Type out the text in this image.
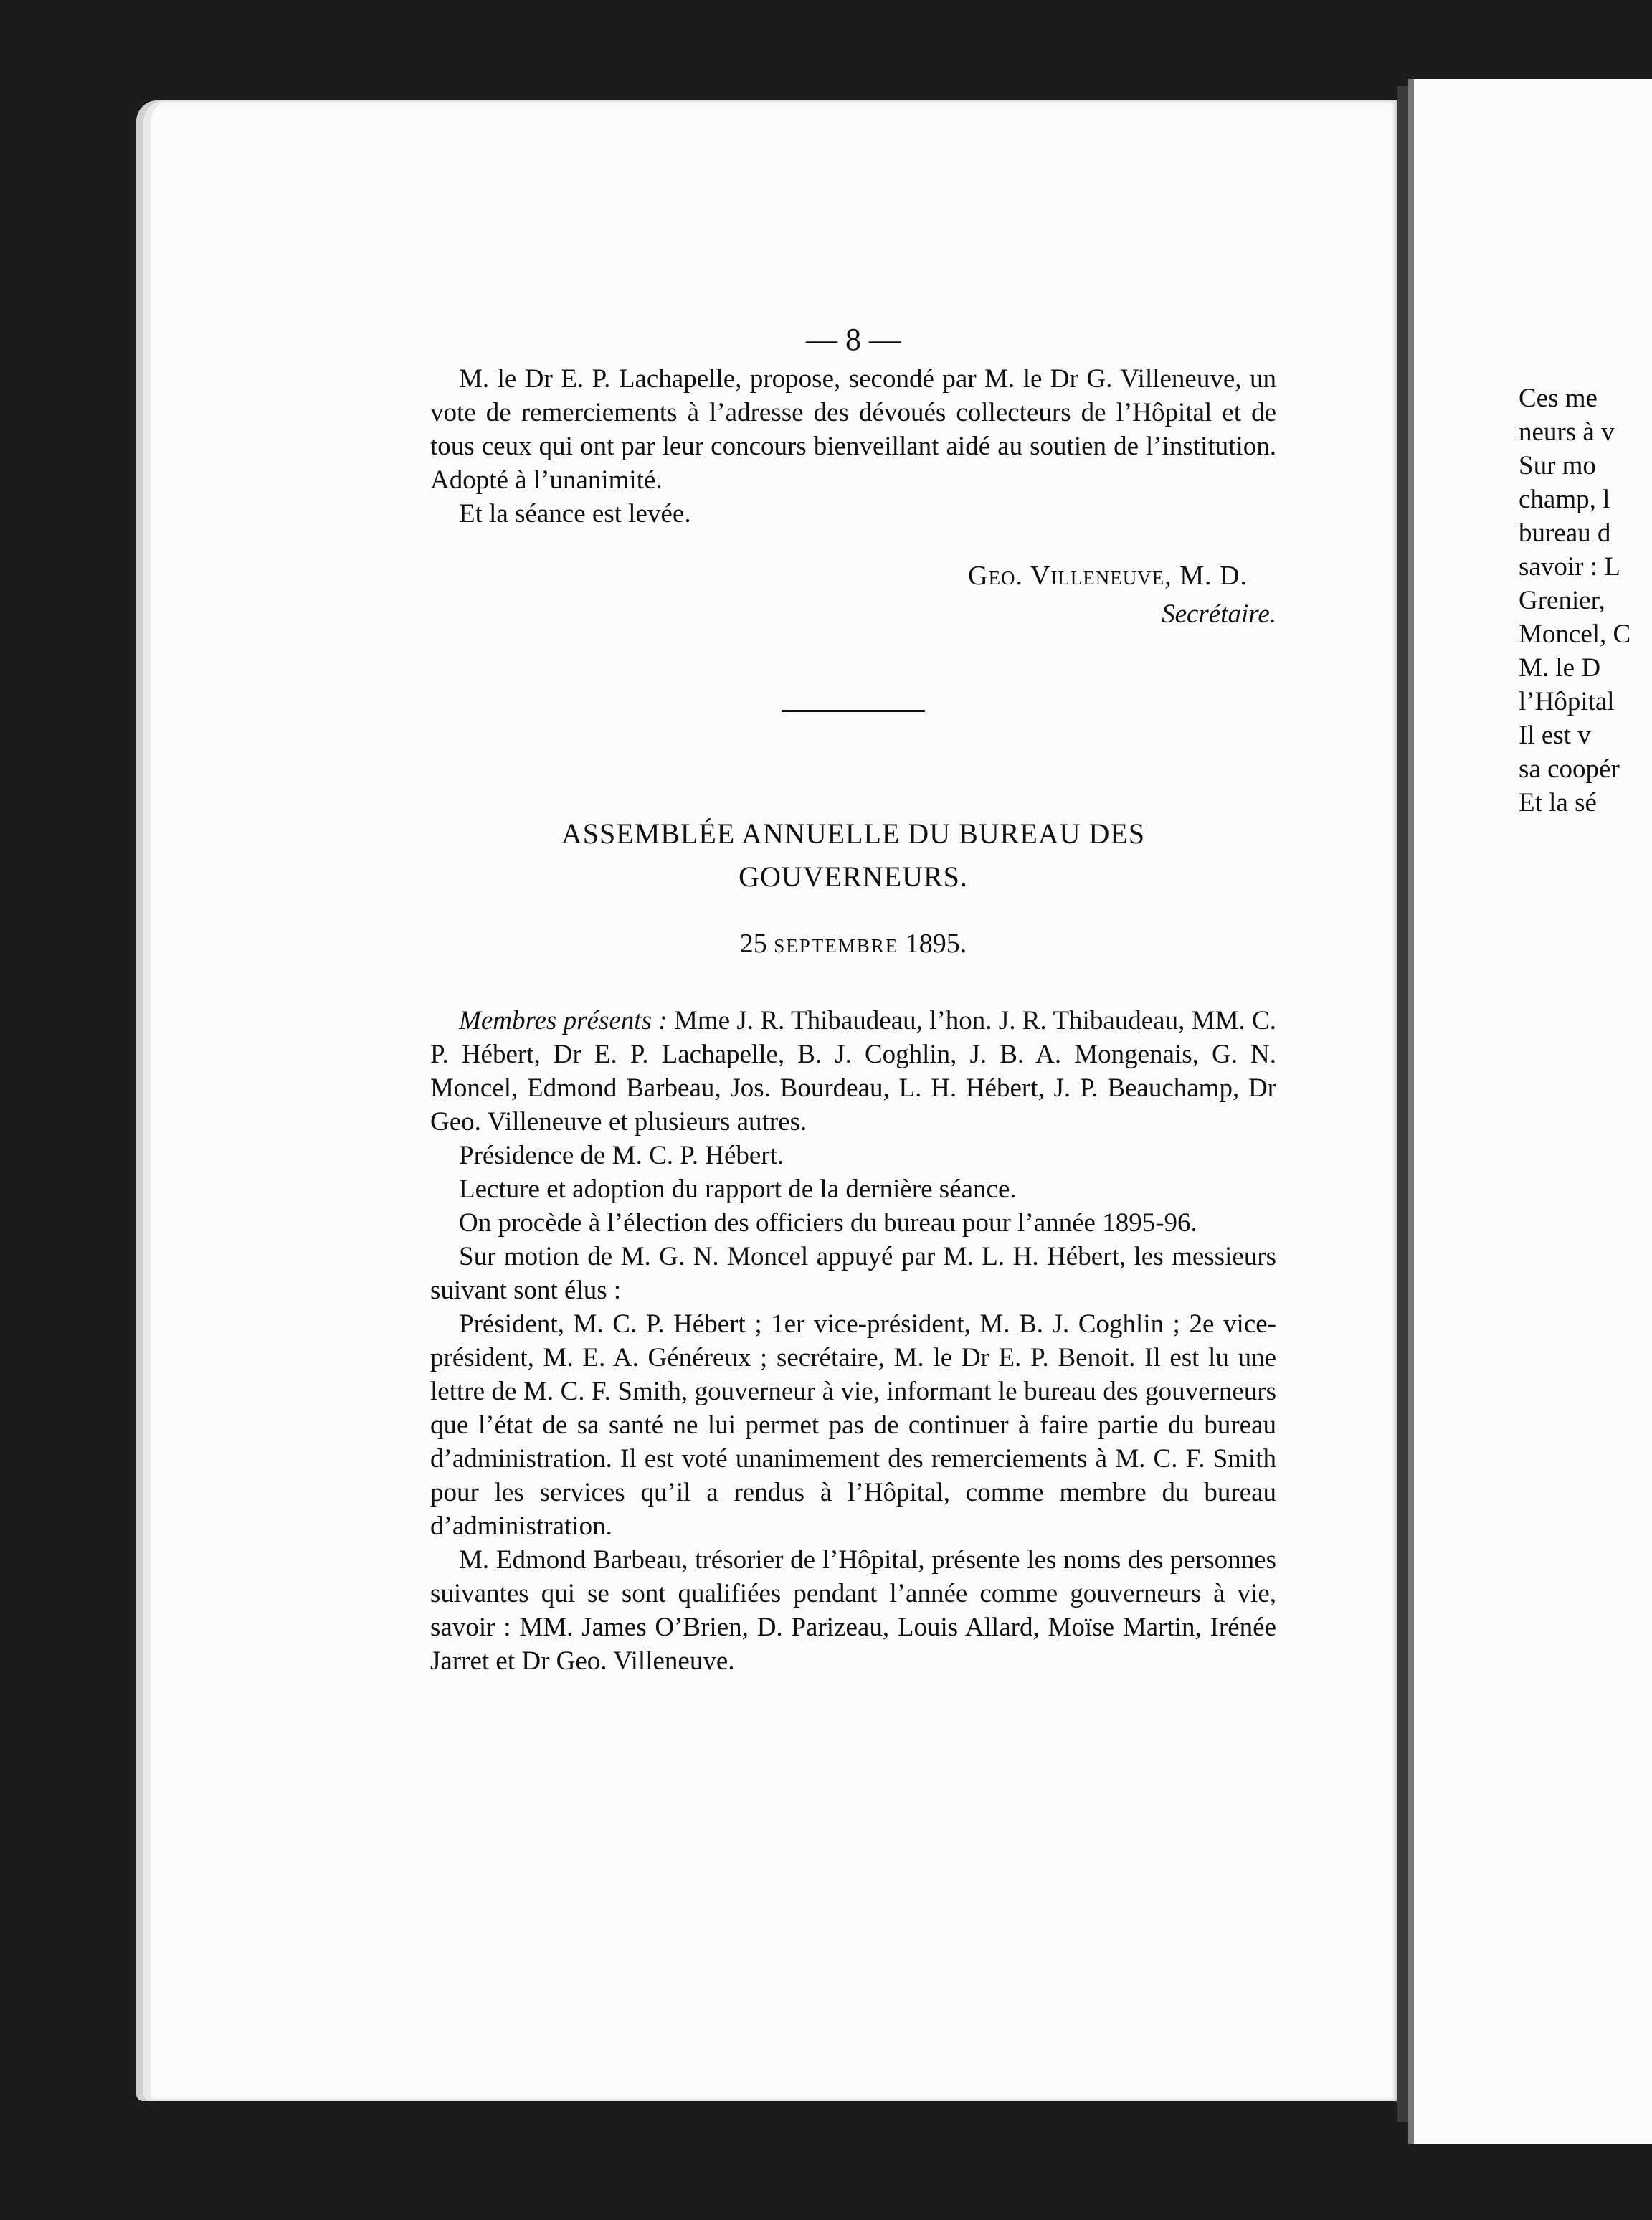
— 8 —

M. le Dr E. P. Lachapelle, propose, secondé par M. le Dr G. Villeneuve, un vote de remerciements à l’adresse des dévoués collecteurs de l’Hôpital et de tous ceux qui ont par leur concours bienveillant aidé au soutien de l’institution. Adopté à l’unanimité.

Et la séance est levée.

Geo. Villeneuve, M. D.
Secrétaire.

ASSEMBLÉE ANNUELLE DU BUREAU DES

GOUVERNEURS.

25 septembre 1895.

Membres présents : Mme J. R. Thibaudeau, l’hon. J. R. Thibaudeau, MM. C. P. Hébert, Dr E. P. Lachapelle, B. J. Coghlin, J. B. A. Mongenais, G. N. Moncel, Edmond Barbeau, Jos. Bourdeau, L. H. Hébert, J. P. Beauchamp, Dr Geo. Villeneuve et plusieurs autres.

Présidence de M. C. P. Hébert.

Lecture et adoption du rapport de la dernière séance.

On procède à l’élection des officiers du bureau pour l’année 1895-96.

Sur motion de M. G. N. Moncel appuyé par M. L. H. Hébert, les messieurs suivant sont élus :

Président, M. C. P. Hébert ; 1er vice-président, M. B. J. Coghlin ; 2e vice-président, M. E. A. Généreux ; secrétaire, M. le Dr E. P. Benoit. Il est lu une lettre de M. C. F. Smith, gouverneur à vie, informant le bureau des gouverneurs que l’état de sa santé ne lui permet pas de continuer à faire partie du bureau d’administration. Il est voté unanimement des remerciements à M. C. F. Smith pour les services qu’il a rendus à l’Hôpital, comme membre du bureau d’administration.

M. Edmond Barbeau, trésorier de l’Hôpital, présente les noms des personnes suivantes qui se sont qualifiées pendant l’année comme gouverneurs à vie, savoir : MM. James O’Brien, D. Parizeau, Louis Allard, Moïse Martin, Irénée Jarret et Dr Geo. Villeneuve.

Ces me
neurs à v
Sur mo
champ, l
bureau d
savoir : L
Grenier,
Moncel, C
M. le D
l’Hôpital
Il est v
sa coopér
Et la sé
